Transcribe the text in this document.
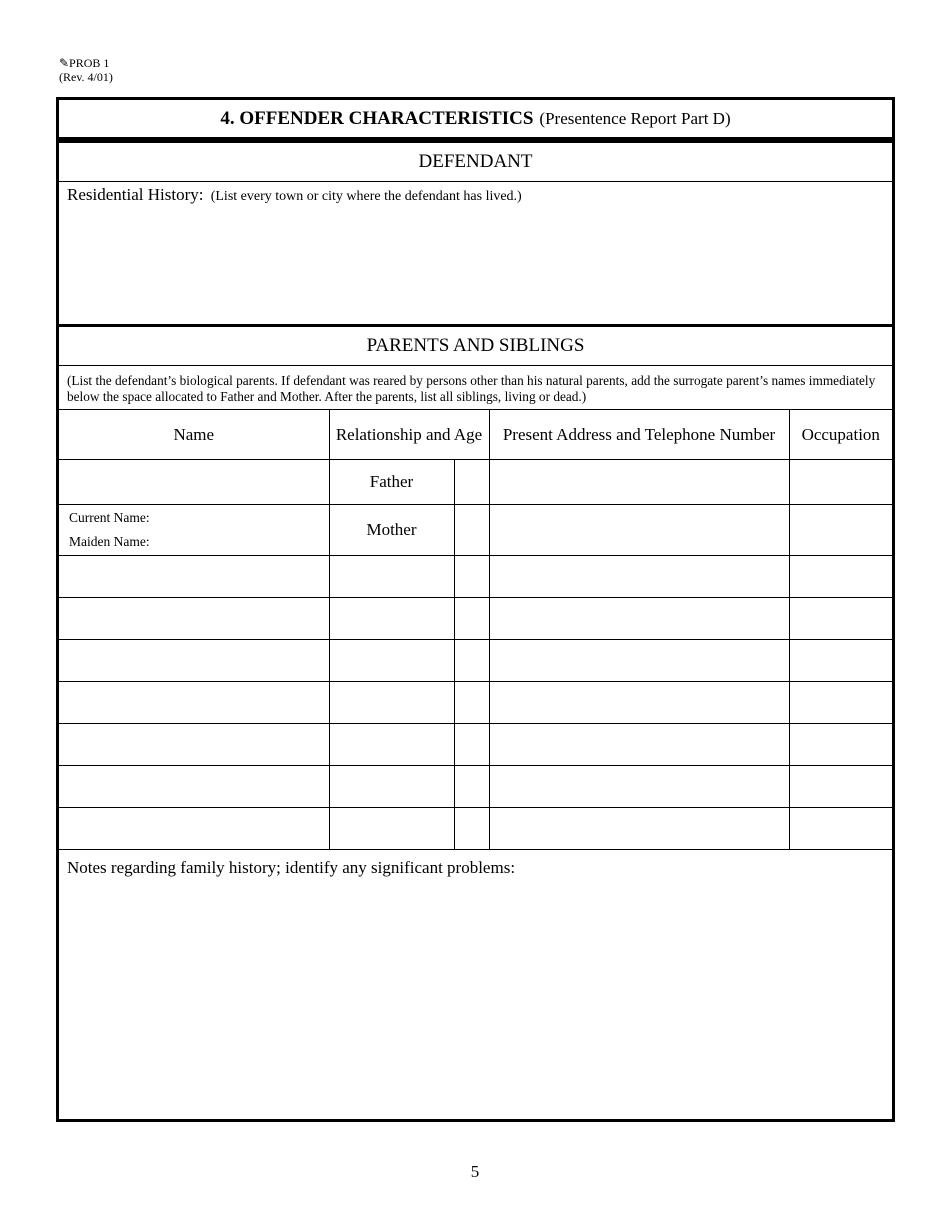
✎PROB 1
(Rev. 4/01)
4.
OFFENDER CHARACTERISTICS (Presentence Report Part D)
DEFENDANT
Residential History: (List every town or city where the defendant has lived.)
PARENTS AND SIBLINGS
(List the defendant’s biological parents. If defendant was reared by persons other than his natural parents, add the surrogate parent’s names immediately below the space allocated to Father and Mother. After the parents, list all siblings, living or dead.)
Name	Relationship and Age		Present Address and Telephone Number	Occupation
	Father			

Current Name:
Maiden Name:	Mother			

Notes regarding family history; identify any significant problems:
5
